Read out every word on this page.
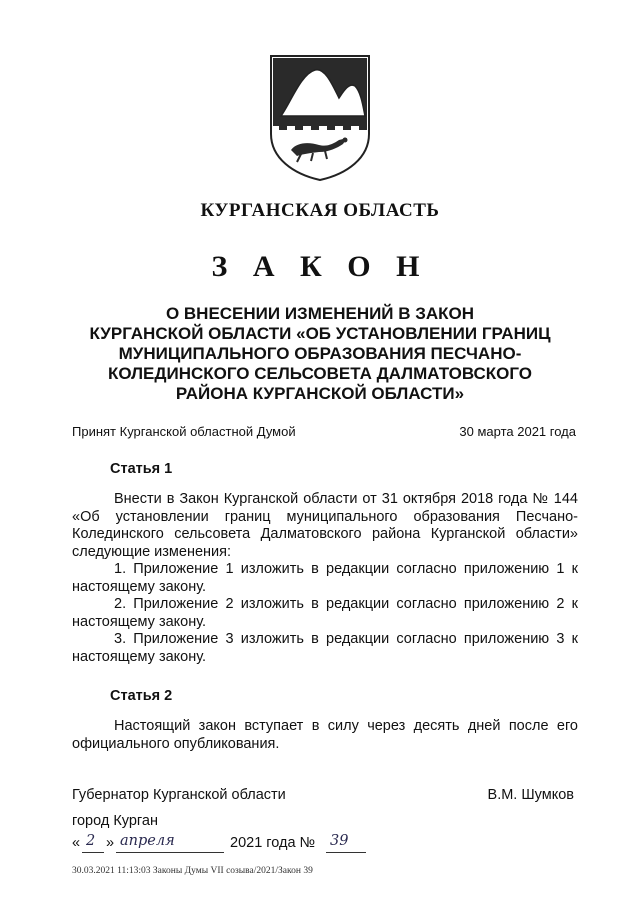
КУРГАНСКАЯ ОБЛАСТЬ
З А К О Н
О ВНЕСЕНИИ ИЗМЕНЕНИЙ В ЗАКОН
КУРГАНСКОЙ ОБЛАСТИ «ОБ УСТАНОВЛЕНИИ ГРАНИЦ
МУНИЦИПАЛЬНОГО ОБРАЗОВАНИЯ ПЕСЧАНО-
КОЛЕДИНСКОГО СЕЛЬСОВЕТА ДАЛМАТОВСКОГО
РАЙОНА КУРГАНСКОЙ ОБЛАСТИ»
Принят Курганской областной Думой	30 марта 2021 года
Статья 1

Внести в Закон Курганской области от 31 октября 2018 года № 144 «Об установлении границ муниципального образования Песчано-Колединского сельсовета Далматовского района Курганской области» следующие изменения:

1. Приложение 1 изложить в редакции согласно приложению 1 к настоящему закону.

2. Приложение 2 изложить в редакции согласно приложению 2 к настоящему закону.

3. Приложение 3 изложить в редакции согласно приложению 3 к настоящему закону.

Статья 2

Настоящий закон вступает в силу через десять дней после его официального опубликования.

Губернатор Курганской области	В.М. Шумков
город Курган
« 2 » апреля	2021 года № 39
30.03.2021 11:13:03 Законы Думы VII созыва/2021/Закон 39
